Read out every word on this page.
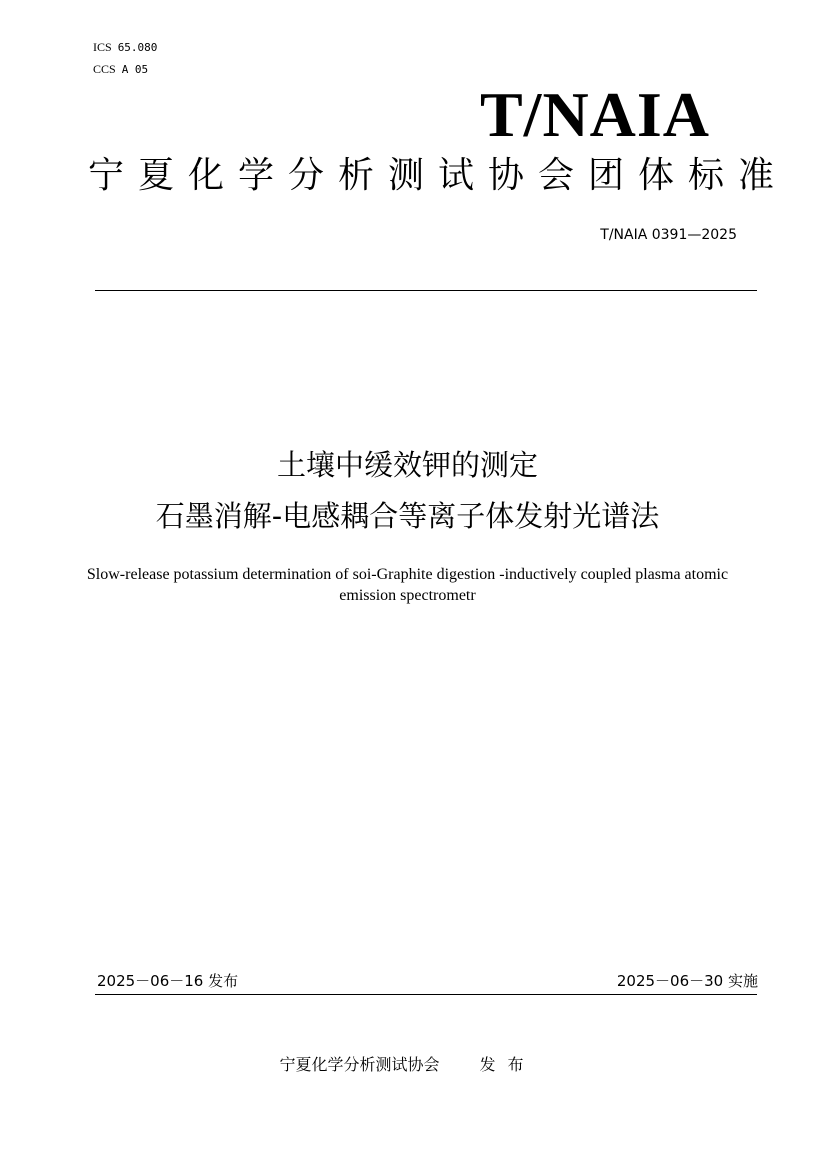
ICS 65.080
CCS A 05
T/NAIA
宁夏化学分析测试协会团体标准
T/NAIA 0391—2025
土壤中缓效钾的测定
石墨消解-电感耦合等离子体发射光谱法
Slow-release potassium determination of soi-Graphite digestion -inductively coupled plasma atomic emission spectrometr
2025－06－16 发布	2025－06－30 实施
宁夏化学分析测试协会	发布
